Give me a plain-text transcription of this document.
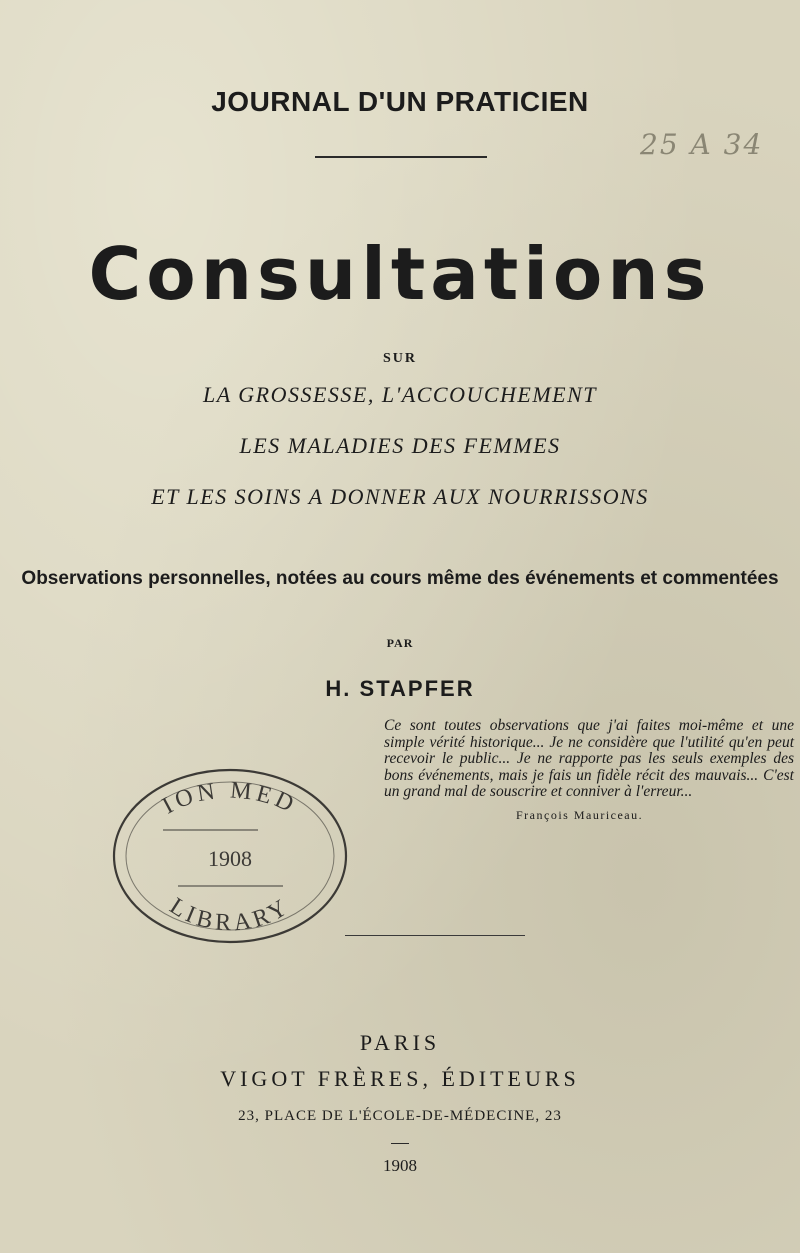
JOURNAL D'UN PRATICIEN
25 A 34
Consultations
SUR
LA GROSSESSE, L'ACCOUCHEMENT
LES MALADIES DES FEMMES
ET LES SOINS A DONNER AUX NOURRISSONS
Observations personnelles, notées au cours même des événements et commentées
PAR
H. STAPFER
ION MED
LIBRARY
1908
Ce sont toutes observations que j'ai faites moi-même et une simple vérité historique... Je ne considère que l'utilité qu'en peut recevoir le public... Je ne rapporte pas les seuls exemples des bons événements, mais je fais un fidèle récit des mauvais... C'est un grand mal de souscrire et conniver à l'erreur...
François Mauriceau.
PARIS
VIGOT FRÈRES, ÉDITEURS
23, PLACE DE L'ÉCOLE-DE-MÉDECINE, 23
1908
